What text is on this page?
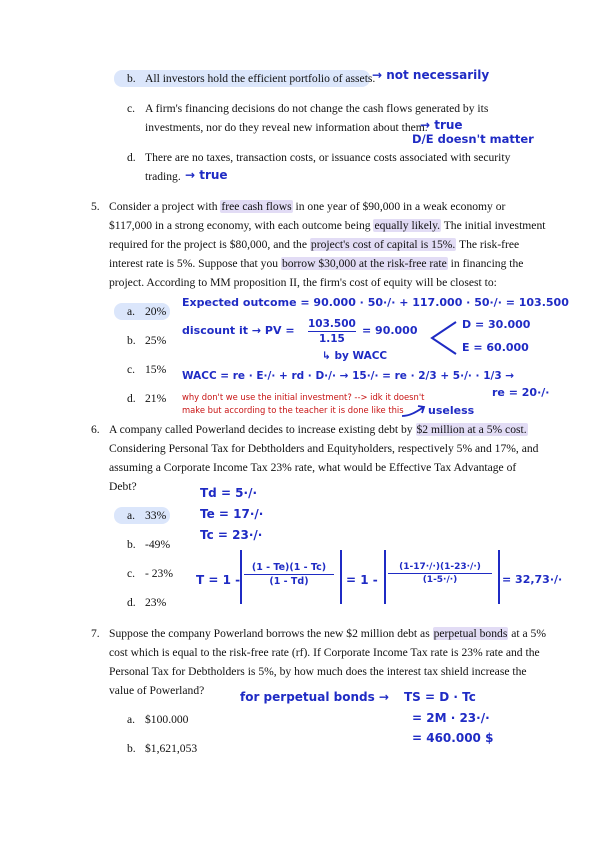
b. All investors hold the efficient portfolio of assets.
→ not necessarily
c. A firm's financing decisions do not change the cash flows generated by its
investments, nor do they reveal new information about them.
→ true
D/E doesn't matter
d. There are no taxes, transaction costs, or issuance costs associated with security
trading. → true
5. Consider a project with free cash flows in one year of $90,000 in a weak economy or
$117,000 in a strong economy, with each outcome being equally likely. The initial investment
required for the project is $80,000, and the project's cost of capital is 15%. The risk-free
interest rate is 5%. Suppose that you borrow $30,000 at the risk-free rate in financing the
project. According to MM proposition II, the firm's cost of equity will be closest to:
a. 20%
b. 25%
c. 15%
d. 21%
Expected outcome = 90.000 · 50·/· + 117.000 · 50·/· = 103.500
discount it → PV = 103.500
1.15
= 90.000
↳ by WACC
D = 30.000
E = 60.000
WACC = re · E·/· + rd · D·/· → 15·/· = re · 2/3 + 5·/· · 1/3 →
re = 20·/·
why don't we use the initial investment? --> idk it doesn't
make but according to the teacher it is done like this useless
6. A company called Powerland decides to increase existing debt by $2 million at a 5% cost.
Considering Personal Tax for Debtholders and Equityholders, respectively 5% and 17%, and
assuming a Corporate Income Tax 23% rate, what would be Effective Tax Advantage of
Debt?
a. 33%
b. -49%
c. - 23%
d. 23%
Td = 5·/·
Te = 17·/·
Tc = 23·/·
T = 1 -
(1 - Te)(1 - Tc)
(1 - Td)	= 1 -
(1-17·/·)(1-23·/·)
(1-5·/·)	= 32,73·/·
7. Suppose the company Powerland borrows the new $2 million debt as perpetual bonds at a 5%
cost which is equal to the risk-free rate (rf). If Corporate Income Tax rate is 23% rate and the
Personal Tax for Debtholders is 5%, by how much does the interest tax shield increase the
value of Powerland?
a. $100.000
b. $1,621,053
for perpetual bonds → TS = D · Tc
= 2M · 23·/·
= 460.000 $
